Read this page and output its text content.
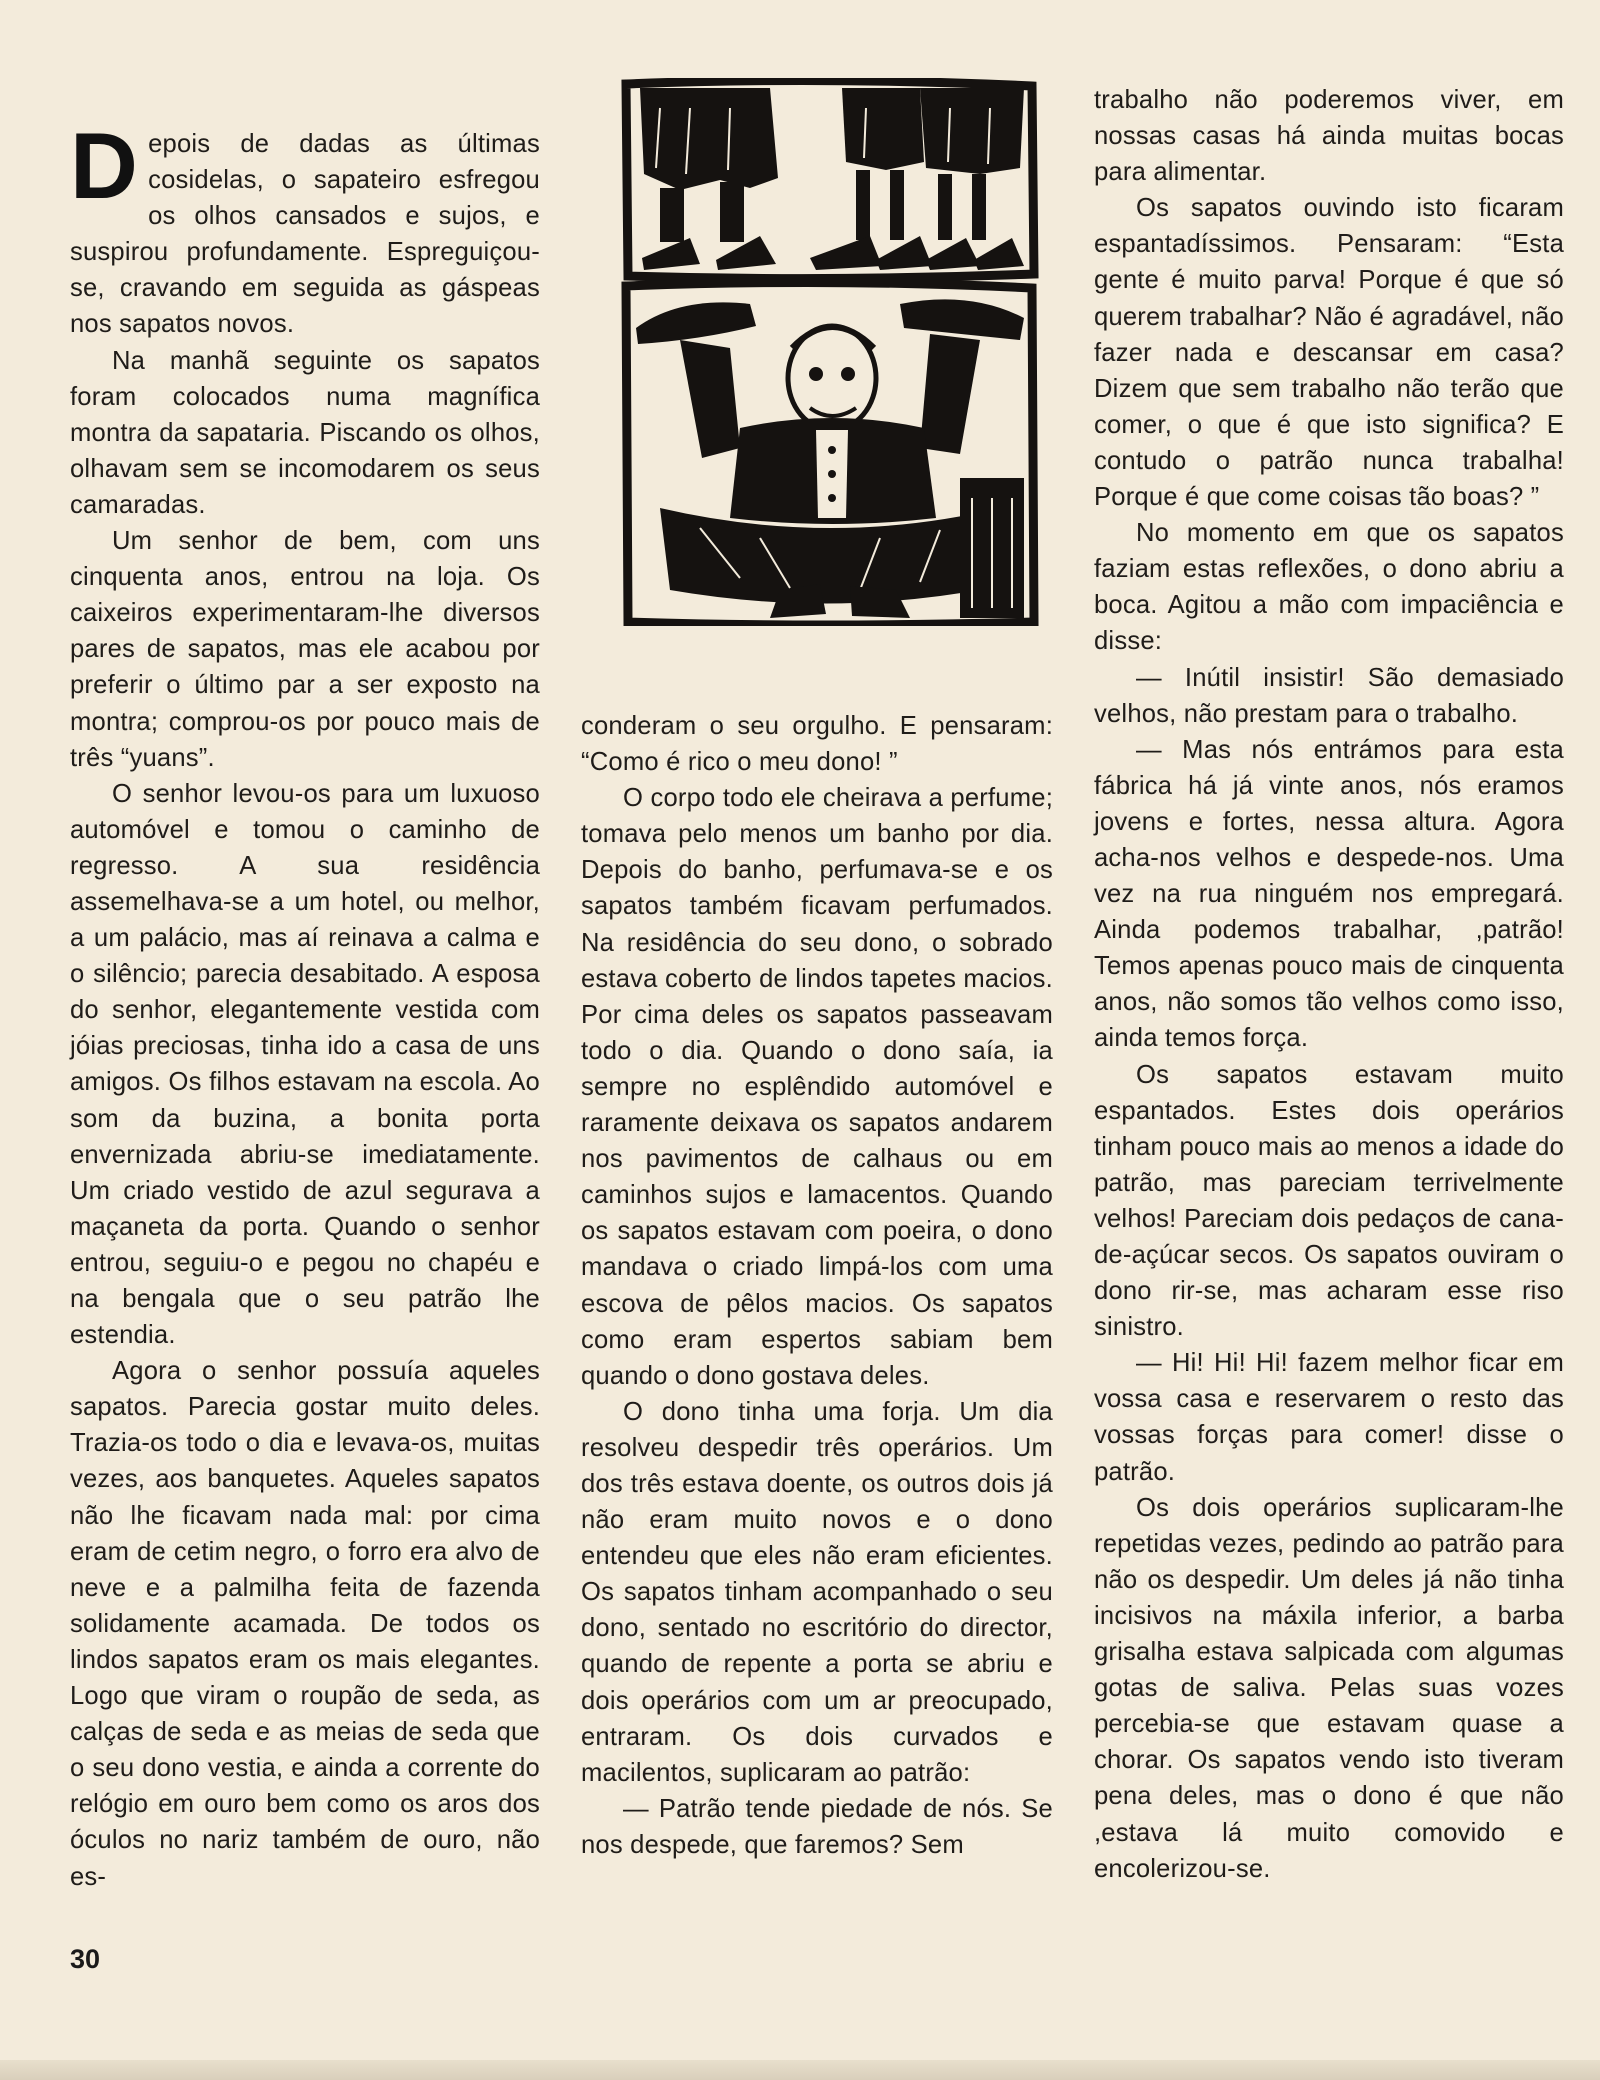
Depois de dadas as últimas cosidelas, o sapateiro esfregou os olhos cansados e sujos, e suspirou profundamente. Espreguiçou-se, cravando em seguida as gáspeas nos sapatos novos.

Na manhã seguinte os sapatos foram colocados numa magnífica montra da sapataria. Piscando os olhos, olhavam sem se incomodarem os seus camaradas.

Um senhor de bem, com uns cinquenta anos, entrou na loja. Os caixeiros experimentaram-lhe diversos pares de sapatos, mas ele acabou por preferir o último par a ser exposto na montra; comprou-os por pouco mais de três “yuans”.

O senhor levou-os para um luxuoso automóvel e tomou o caminho de regresso. A sua residência assemelhava-se a um hotel, ou melhor, a um palácio, mas aí reinava a calma e o silêncio; parecia desabitado. A esposa do senhor, elegantemente vestida com jóias preciosas, tinha ido a casa de uns amigos. Os filhos estavam na escola. Ao som da buzina, a bonita porta envernizada abriu-se imediatamente. Um criado vestido de azul segurava a maçaneta da porta. Quando o senhor entrou, seguiu-o e pegou no chapéu e na bengala que o seu patrão lhe estendia.

Agora o senhor possuía aqueles sapatos. Parecia gostar muito deles. Trazia-os todo o dia e levava-os, muitas vezes, aos banquetes. Aqueles sapatos não lhe ficavam nada mal: por cima eram de cetim negro, o forro era alvo de neve e a palmilha feita de fazenda solidamente acamada. De todos os lindos sapatos eram os mais elegantes. Logo que viram o roupão de seda, as calças de seda e as meias de seda que o seu dono vestia, e ainda a corrente do relógio em ouro bem como os aros dos óculos no nariz também de ouro, não es-

conderam o seu orgulho. E pensaram: “Como é rico o meu dono! ”

O corpo todo ele cheirava a perfume; tomava pelo menos um banho por dia. Depois do banho, perfumava-se e os sapatos também ficavam perfumados. Na residência do seu dono, o sobrado estava coberto de lindos tapetes macios. Por cima deles os sapatos passeavam todo o dia. Quando o dono saía, ia sempre no esplêndido automóvel e raramente deixava os sapatos andarem nos pavimentos de calhaus ou em caminhos sujos e lamacentos. Quando os sapatos estavam com poeira, o dono mandava o criado limpá-los com uma escova de pêlos macios. Os sapatos como eram espertos sabiam bem quando o dono gostava deles.

O dono tinha uma forja. Um dia resolveu despedir três operários. Um dos três estava doente, os outros dois já não eram muito novos e o dono entendeu que eles não eram eficientes. Os sapatos tinham acompanhado o seu dono, sentado no escritório do director, quando de repente a porta se abriu e dois operários com um ar preocupado, entraram. Os dois curvados e macilentos, suplicaram ao patrão:

— Patrão tende piedade de nós. Se nos despede, que faremos? Sem

trabalho não poderemos viver, em nossas casas há ainda muitas bocas para alimentar.

Os sapatos ouvindo isto ficaram espantadíssimos. Pensaram: “Esta gente é muito parva! Porque é que só querem trabalhar? Não é agradável, não fazer nada e descansar em casa? Dizem que sem trabalho não terão que comer, o que é que isto significa? E contudo o patrão nunca trabalha! Porque é que come coisas tão boas? ”

No momento em que os sapatos faziam estas reflexões, o dono abriu a boca. Agitou a mão com impaciência e disse:

— Inútil insistir! São demasiado velhos, não prestam para o trabalho.

— Mas nós entrámos para esta fábrica há já vinte anos, nós eramos jovens e fortes, nessa altura. Agora acha-nos velhos e despede-nos. Uma vez na rua ninguém nos empregará. Ainda podemos trabalhar, ,patrão! Temos apenas pouco mais de cinquenta anos, não somos tão velhos como isso, ainda temos força.

Os sapatos estavam muito espantados. Estes dois operários tinham pouco mais ao menos a idade do patrão, mas pareciam terrivelmente velhos! Pareciam dois pedaços de cana-de-açúcar secos. Os sapatos ouviram o dono rir-se, mas acharam esse riso sinistro.

— Hi! Hi! Hi! fazem melhor ficar em vossa casa e reservarem o resto das vossas forças para comer! disse o patrão.

Os dois operários suplicaram-lhe repetidas vezes, pedindo ao patrão para não os despedir. Um deles já não tinha incisivos na máxila inferior, a barba grisalha estava salpicada com algumas gotas de saliva. Pelas suas vozes percebia-se que estavam quase a chorar. Os sapatos vendo isto tiveram pena deles, mas o dono é que não ,estava lá muito comovido e encolerizou-se.

30
